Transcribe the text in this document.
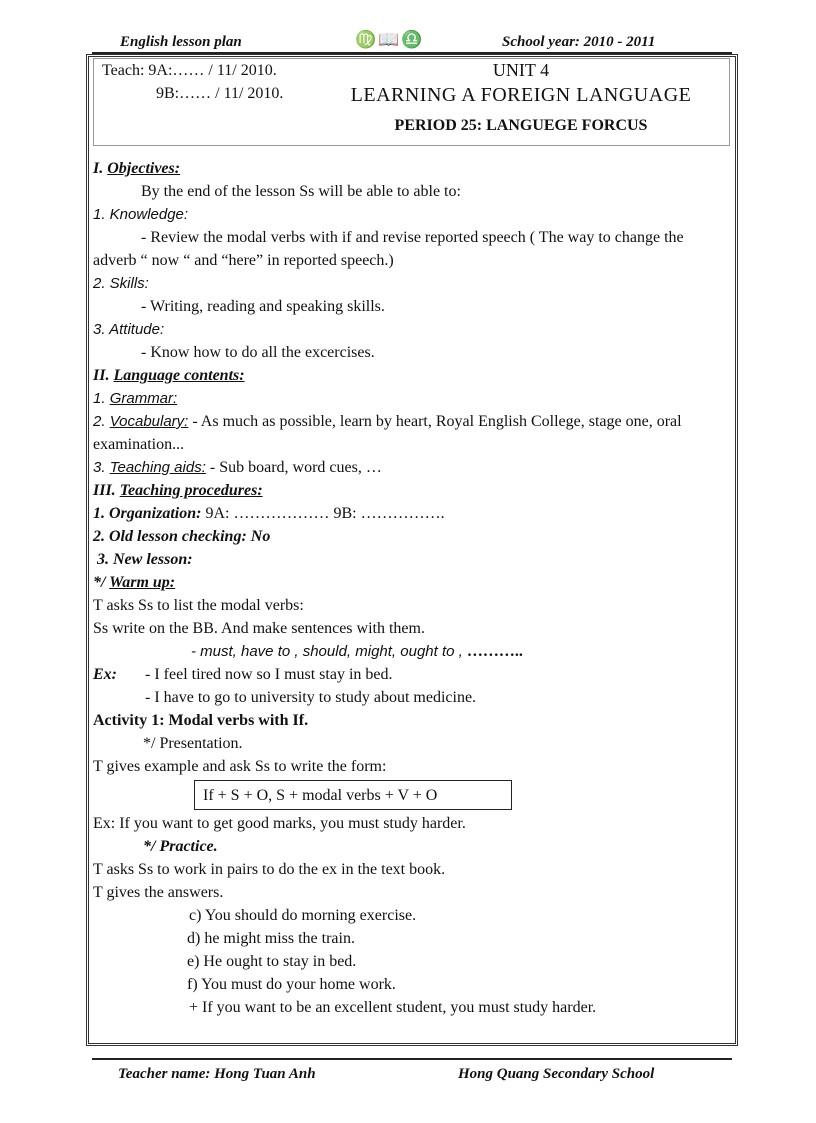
English lesson plan	♍📖♎	School year: 2010 - 2011
Teach: 9A:…… / 11/ 2010.
9B:…… / 11/ 2010.
UNIT 4
LEARNING A FOREIGN LANGUAGE
PERIOD 25: LANGUEGE FORCUS
I. Objectives:
By the end of the lesson Ss will be able to able to:
1. Knowledge:
- Review the modal verbs with if and revise reported speech ( The way to change the adverb “ now “ and “here” in reported speech.)
2. Skills:
- Writing, reading and speaking skills.
3. Attitude:
- Know how to do all the excercises.
II. Language contents:
1. Grammar:
2. Vocabulary: - As much as possible, learn by heart, Royal English College, stage one, oral examination...
3. Teaching aids: - Sub board, word cues, …
III. Teaching procedures:
1. Organization: 9A: ……………… 9B: …………….
2. Old lesson checking: No
3. New lesson:
*/ Warm up:
T asks Ss to list the modal verbs:
Ss write on the BB. And make sentences with them.
- must, have to , should, might, ought to , ………..
Ex: - I feel tired now so I must stay in bed.
- I have to go to university to study about medicine.
Activity 1: Modal verbs with If.
*/ Presentation.
T gives example and ask Ss to write the form:
If + S + O, S + modal verbs + V + O
Ex: If you want to get good marks, you must study harder.
*/ Practice.
T asks Ss to work in pairs to do the ex in the text book.
T gives the answers.
c) You should do morning exercise.
d) he might miss the train.
e) He ought to stay in bed.
f) You must do your home work.
+ If you want to be an excellent student, you must study harder.
Teacher name: Hong Tuan Anh	Hong Quang Secondary School
